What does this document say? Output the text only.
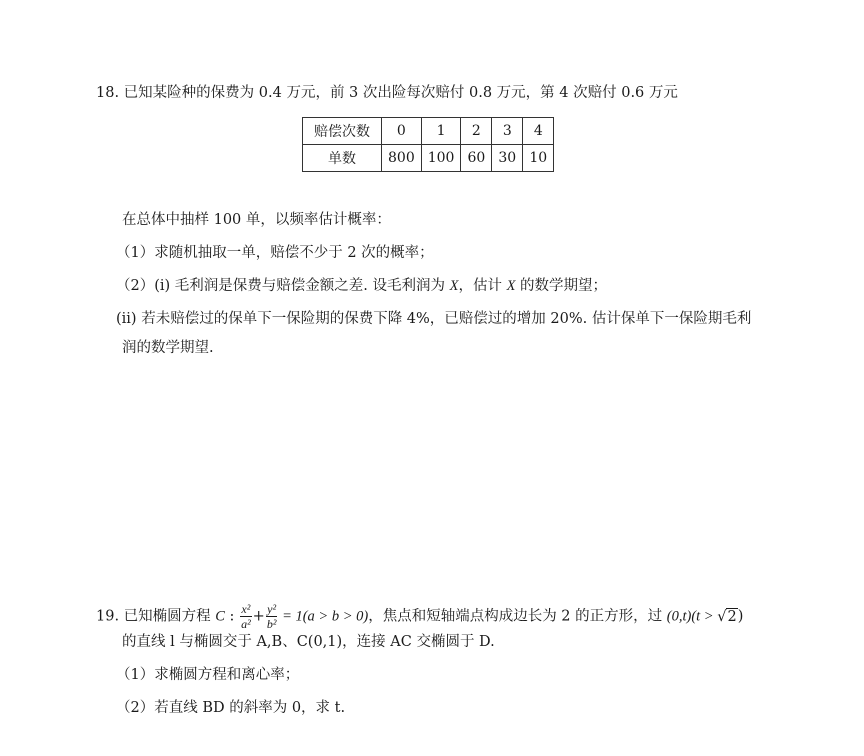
18. 已知某险种的保费为 0.4 万元，前 3 次出险每次赔付 0.8 万元，第 4 次赔付 0.6 万元
赔偿次数	0	1	2	3	4
单数	800	100	60	30	10
在总体中抽样 100 单，以频率估计概率：
（1）求随机抽取一单，赔偿不少于 2 次的概率；
（2）(i) 毛利润是保费与赔偿金额之差. 设毛利润为 X，估计 X 的数学期望；
(ii) 若未赔偿过的保单下一保险期的保费下降 4%，已赔偿过的增加 20%. 估计保单下一保险期毛利
润的数学期望.
19. 已知椭圆方程 C : $\frac{\text{x²}}{\text{a²}} + \frac{\text{y²}}{\text{b²}} = 1(a > b > 0)$，焦点和短轴端点构成边长为 2 的正方形，过 (0,t)(t > √2)
的直线 l 与椭圆交于 A,B、C(0,1)，连接 AC 交椭圆于 D.
（1）求椭圆方程和离心率；
（2）若直线 BD 的斜率为 0，求 t.
